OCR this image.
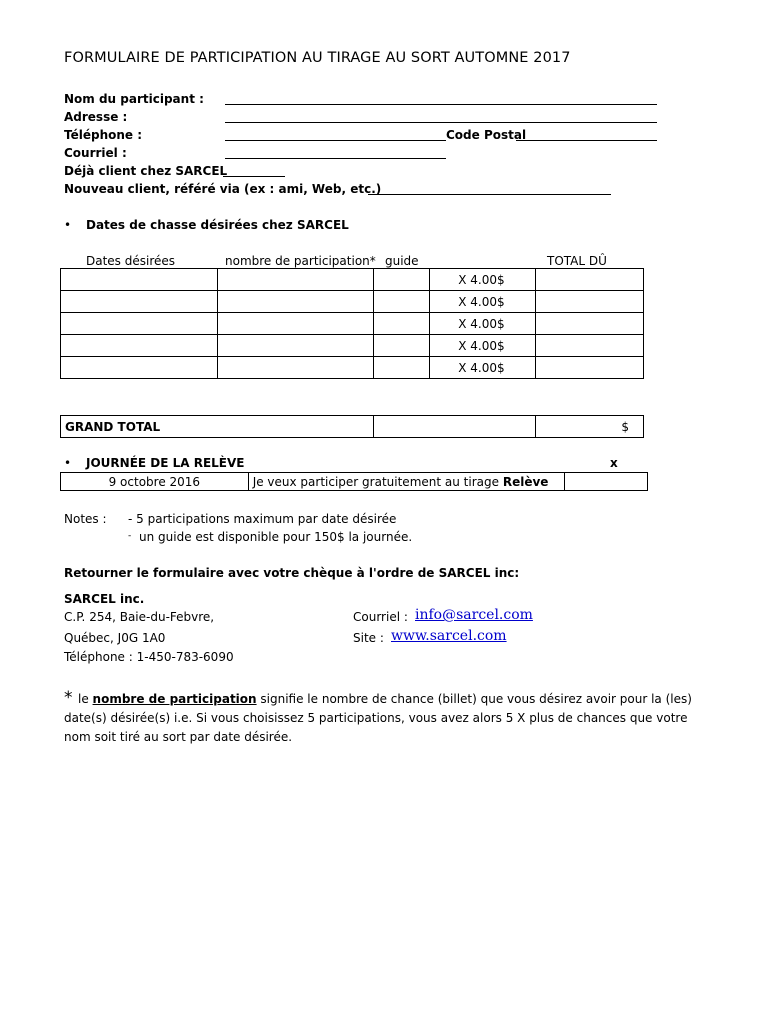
FORMULAIRE DE PARTICIPATION AU TIRAGE AU SORT AUTOMNE 2017
Nom du participant :
Adresse :
Téléphone :	Code Postal
Courriel :
Déjà client chez SARCEL
Nouveau client, référé via (ex : ami, Web, etc.)
• Dates de chasse désirées chez SARCEL
Dates désirées	nombre de participation* guide	TOTAL DÛ
			X 4.00$	
			X 4.00$	
			X 4.00$	
			X 4.00$	
			X 4.00$	
GRAND TOTAL		$
• JOURNÉE DE LA RELÈVE	x
9 octobre 2016	Je veux participer gratuitement au tirage Relève	
Notes : - 5 participations maximum par date désirée
- un guide est disponible pour 150$ la journée.
Retourner le formulaire avec votre chèque à l'ordre de SARCEL inc:
SARCEL inc.
C.P. 254, Baie-du-Febvre,
Québec, J0G 1A0
Téléphone : 1-450-783-6090
Courriel : info@sarcel.com
Site : www.sarcel.com
* le nombre de participation signifie le nombre de chance (billet) que vous désirez avoir pour la (les)
date(s) désirée(s) i.e. Si vous choisissez 5 participations, vous avez alors 5 X plus de chances que votre
nom soit tiré au sort par date désirée.
